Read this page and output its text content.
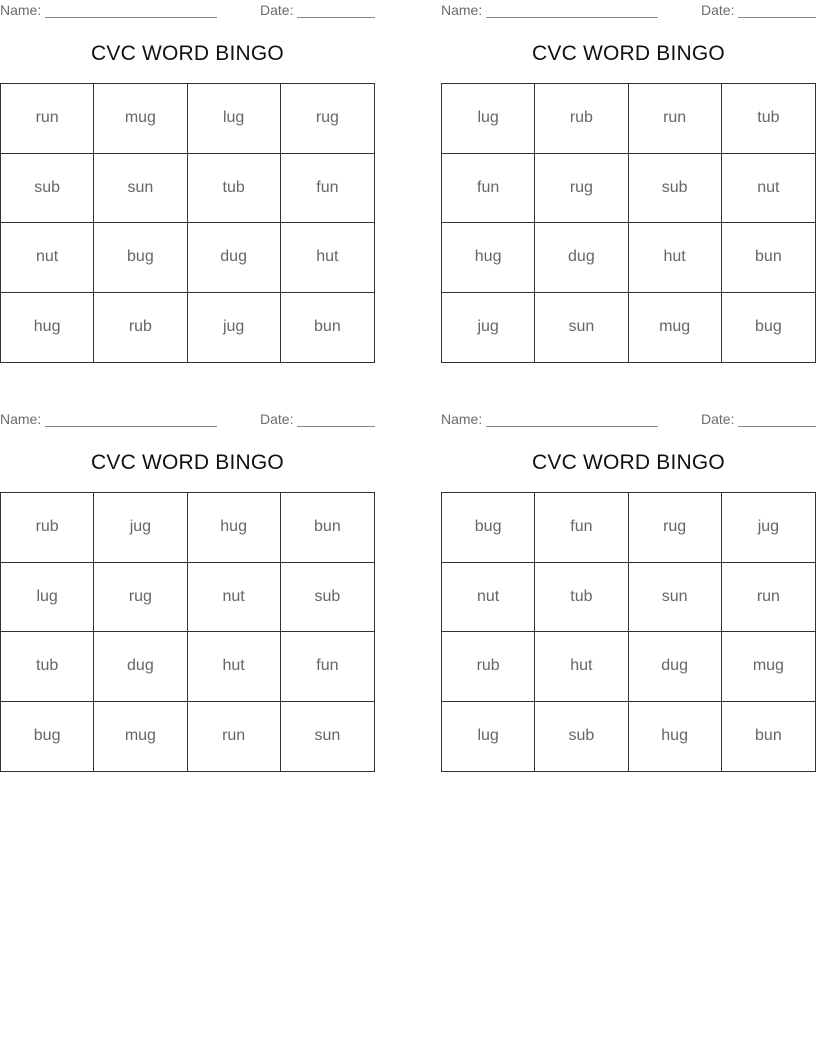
Name:	Date:
CVC WORD BINGO
run	mug	lug	rug
sub	sun	tub	fun
nut	bug	dug	hut
hug	rub	jug	bun
Name:	Date:
CVC WORD BINGO
lug	rub	run	tub
fun	rug	sub	nut
hug	dug	hut	bun
jug	sun	mug	bug
Name:	Date:
CVC WORD BINGO
rub	jug	hug	bun
lug	rug	nut	sub
tub	dug	hut	fun
bug	mug	run	sun
Name:	Date:
CVC WORD BINGO
bug	fun	rug	jug
nut	tub	sun	run
rub	hut	dug	mug
lug	sub	hug	bun
